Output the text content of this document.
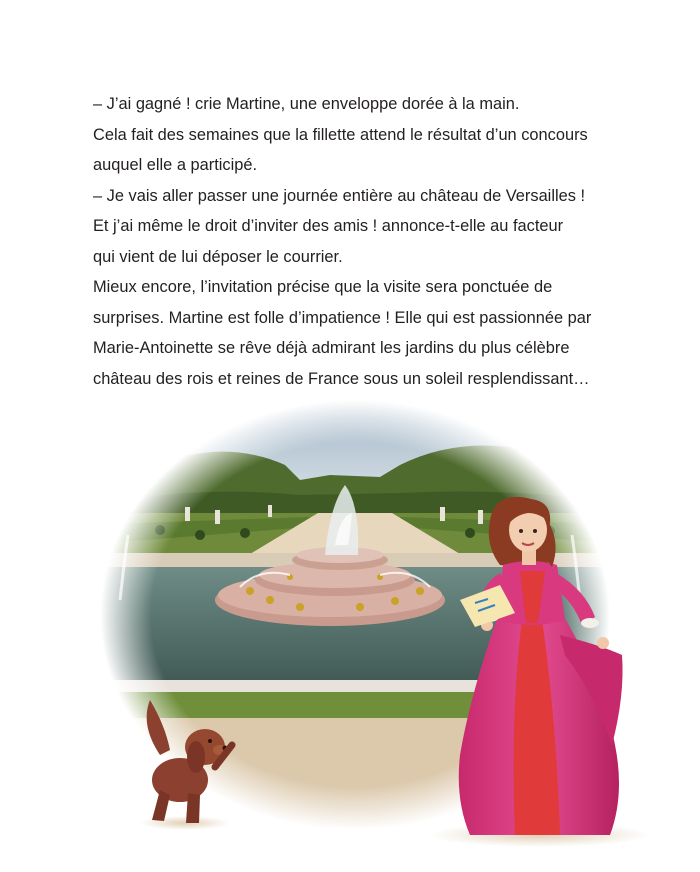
– J’ai gagné ! crie Martine, une enveloppe dorée à la main.
Cela fait des semaines que la fillette attend le résultat d’un concours
auquel elle a participé.
– Je vais aller passer une journée entière au château de Versailles !
Et j’ai même le droit d’inviter des amis ! annonce-t-elle au facteur
qui vient de lui déposer le courrier.
Mieux encore, l’invitation précise que la visite sera ponctuée de
surprises. Martine est folle d’impatience ! Elle qui est passionnée par
Marie-Antoinette se rêve déjà admirant les jardins du plus célèbre
château des rois et reines de France sous un soleil resplendissant…
